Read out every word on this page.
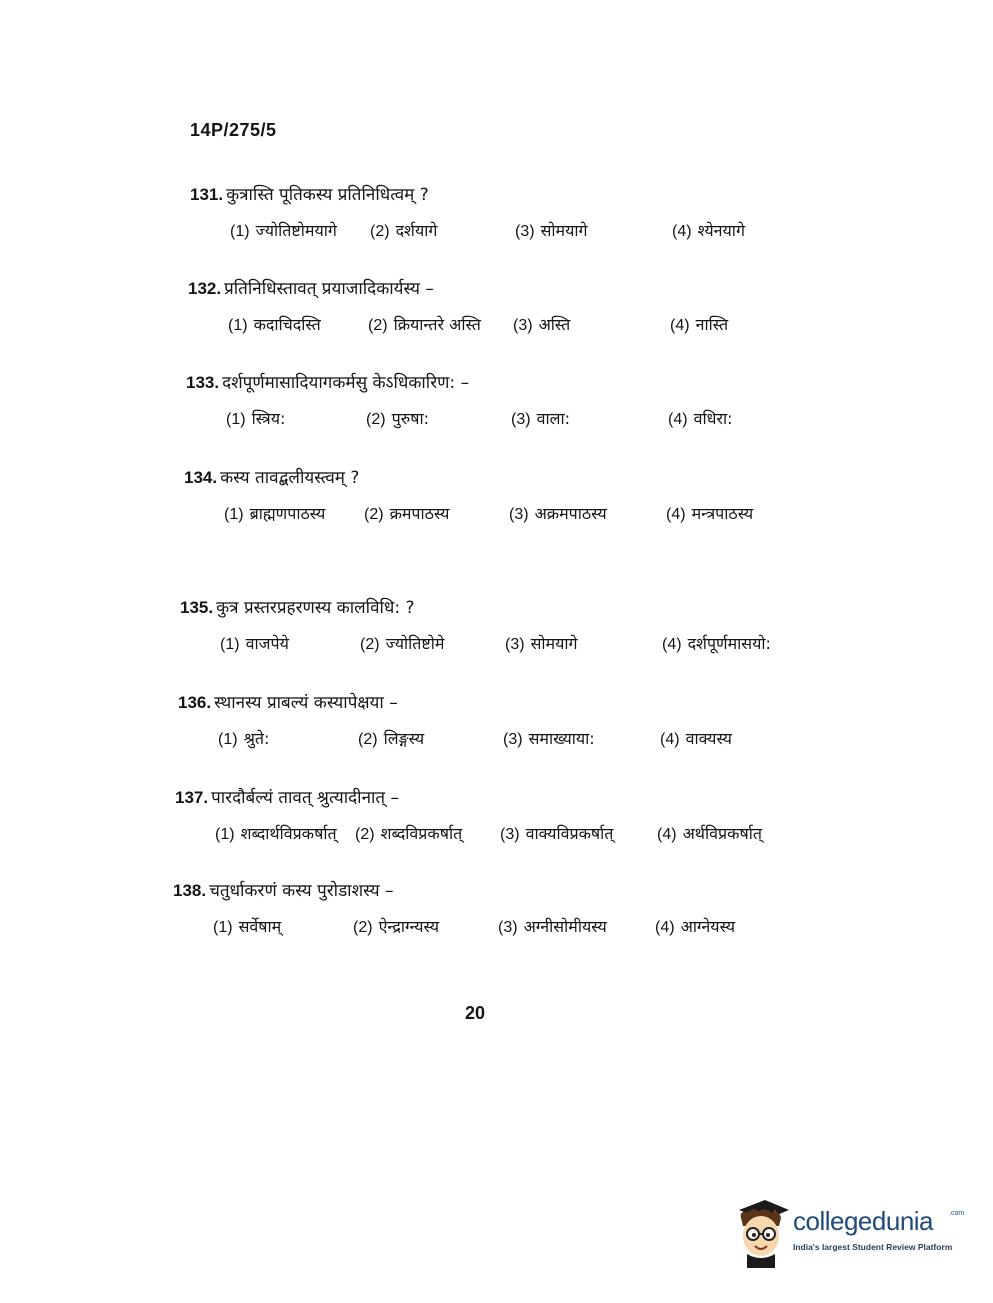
14P/275/5
131. कुत्रास्ति पूतिकस्य प्रतिनिधित्वम् ?
(1) ज्योतिष्टोमयागे (2) दर्शयागे	(3) सोमयागे	(4) श्येनयागे
132. प्रतिनिधिस्तावत् प्रयाजादिकार्यस्य –
(1) कदाचिदस्ति	(2) क्रियान्तरे अस्ति (3) अस्ति	(4) नास्ति
133. दर्शपूर्णमासादियागकर्मसु केऽधिकारिण: –
(1) स्त्रिय:	(2) पुरुषा:	(3) वाला:	(4) वधिरा:
134. कस्य तावद्बलीयस्त्वम् ?
(1) ब्राह्मणपाठस्य (2) क्रमपाठस्य	(3) अक्रमपाठस्य	(4) मन्त्रपाठस्य
135. कुत्र प्रस्तरप्रहरणस्य कालविधि: ?
(1) वाजपेये	(2) ज्योतिष्टोमे	(3) सोमयागे	(4) दर्शपूर्णमासयो:
136. स्थानस्य प्राबल्यं कस्यापेक्षया –
(1) श्रुते:	(2) लिङ्गस्य	(3) समाख्याया:	(4) वाक्यस्य
137. पारदौर्बल्यं तावत् श्रुत्यादीनात् –
(1) शब्दार्थविप्रकर्षात् (2) शब्दविप्रकर्षात् (3) वाक्यविप्रकर्षात्	(4) अर्थविप्रकर्षात्
138. चतुर्धाकरणं कस्य पुरोडाशस्य –
(1) सर्वेषाम्	(2) ऐन्द्राग्न्यस्य	(3) अग्नीसोमीयस्य	(4) आग्नेयस्य
20
collegedunia .com
India's largest Student Review Platform
